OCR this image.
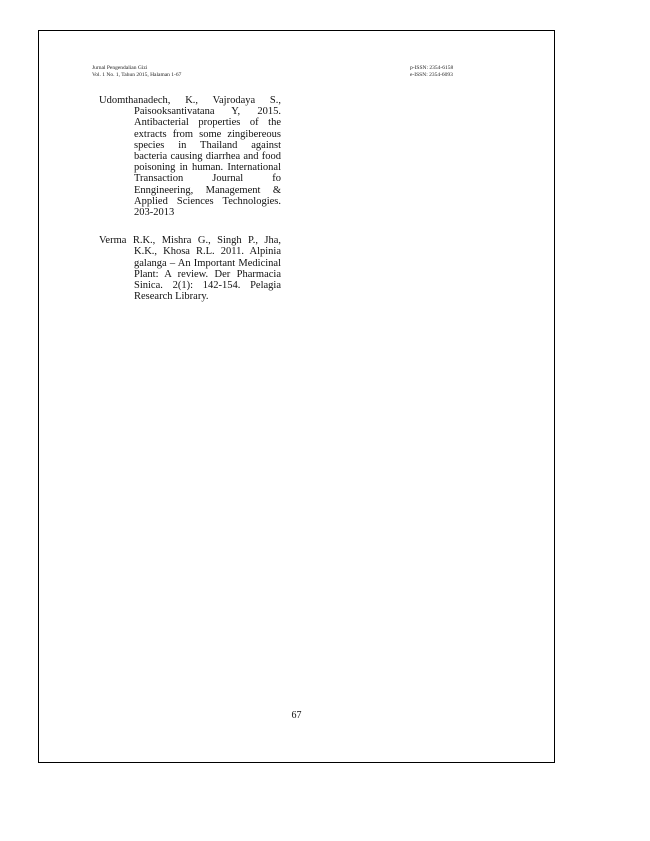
Jurnal Pengendalian Gizi
Vol. 1 No. 1, Tahun 2015, Halaman 1-67
p-ISSN: 2354-6158
e-ISSN: 2354-6093

Udomthanadech, K., Vajrodaya S., Paisooksantivatana Y, 2015. Antibacterial properties of the extracts from some zingibereous species in Thailand against bacteria causing diarrhea and food poisoning in human. International Transaction Journal fo Enngineering, Management & Applied Sciences Technologies. 203-2013

Verma R.K., Mishra G., Singh P., Jha, K.K., Khosa R.L. 2011. Alpinia galanga – An Important Medicinal Plant: A review. Der Pharmacia Sinica. 2(1): 142-154. Pelagia Research Library.

67
